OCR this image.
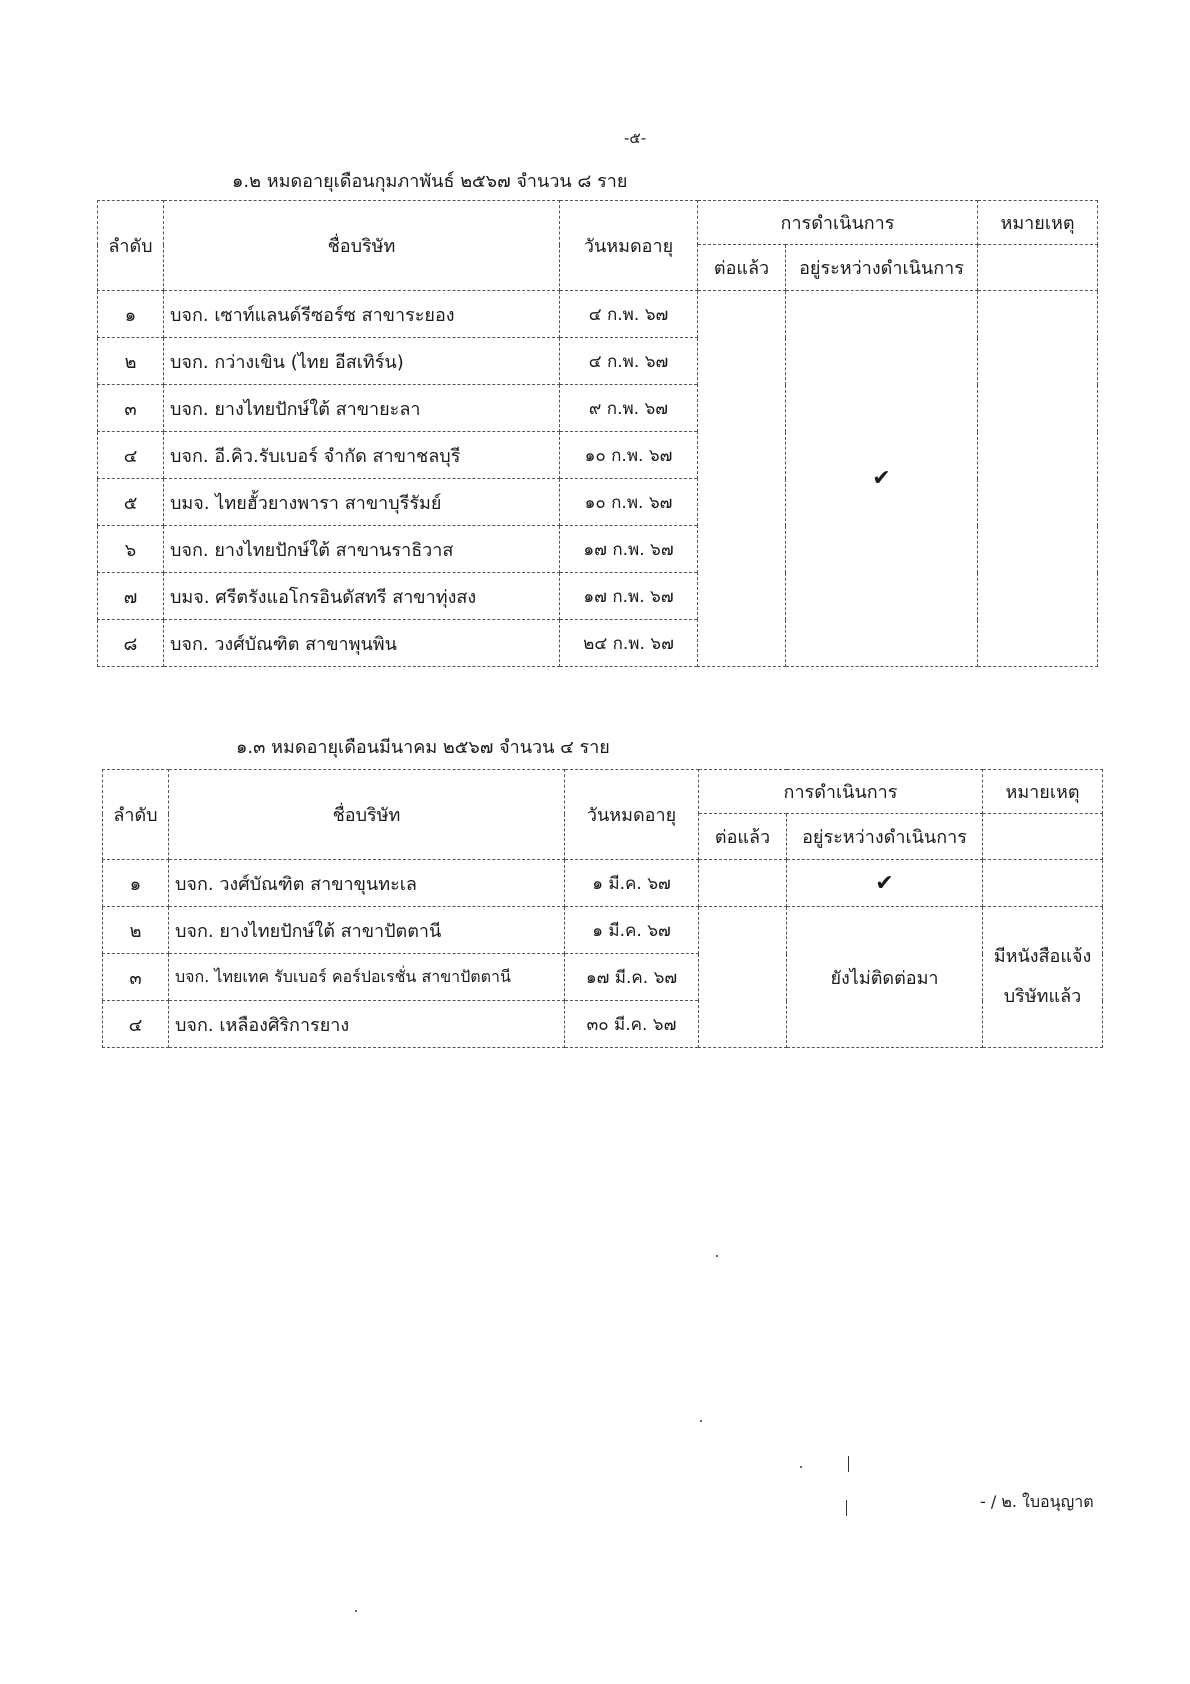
-๕-
๑.๒ หมดอายุเดือนกุมภาพันธ์ ๒๕๖๗ จำนวน ๘ ราย
ลำดับ	ชื่อบริษัท	วันหมดอายุ	การดำเนินการ		หมายเหตุ
			ต่อแล้ว	อยู่ระหว่างดำเนินการ	
๑	บจก. เซาท์แลนด์รีซอร์ซ สาขาระยอง	๔ ก.พ. ๖๗		✔	
๒	บจก. กว่างเขิน (ไทย อีสเทิร์น)	๔ ก.พ. ๖๗			
๓	บจก. ยางไทยปักษ์ใต้ สาขายะลา	๙ ก.พ. ๖๗			
๔	บจก. อี.คิว.รับเบอร์ จำกัด สาขาชลบุรี	๑๐ ก.พ. ๖๗			
๕	บมจ. ไทยฮั้วยางพารา สาขาบุรีรัมย์	๑๐ ก.พ. ๖๗			
๖	บจก. ยางไทยปักษ์ใต้ สาขานราธิวาส	๑๗ ก.พ. ๖๗			
๗	บมจ. ศรีตรังแอโกรอินดัสทรี สาขาทุ่งสง	๑๗ ก.พ. ๖๗			
๘	บจก. วงศ์บัณฑิต สาขาพุนพิน	๒๔ ก.พ. ๖๗			
๑.๓ หมดอายุเดือนมีนาคม ๒๕๖๗ จำนวน ๔ ราย
ลำดับ	ชื่อบริษัท	วันหมดอายุ	การดำเนินการ		หมายเหตุ
			ต่อแล้ว	อยู่ระหว่างดำเนินการ	
๑	บจก. วงศ์บัณฑิต สาขาขุนทะเล	๑ มี.ค. ๖๗		✔	
๒	บจก. ยางไทยปักษ์ใต้ สาขาปัตตานี	๑ มี.ค. ๖๗		ยังไม่ติดต่อมา	มีหนังสือแจ้งบริษัทแล้ว
๓	บจก. ไทยเทค รับเบอร์ คอร์ปอเรชั่น สาขาปัตตานี	๑๗ มี.ค. ๖๗			
๔	บจก. เหลืองศิริการยาง	๓๐ มี.ค. ๖๗			
- / ๒. ใบอนุญาต
